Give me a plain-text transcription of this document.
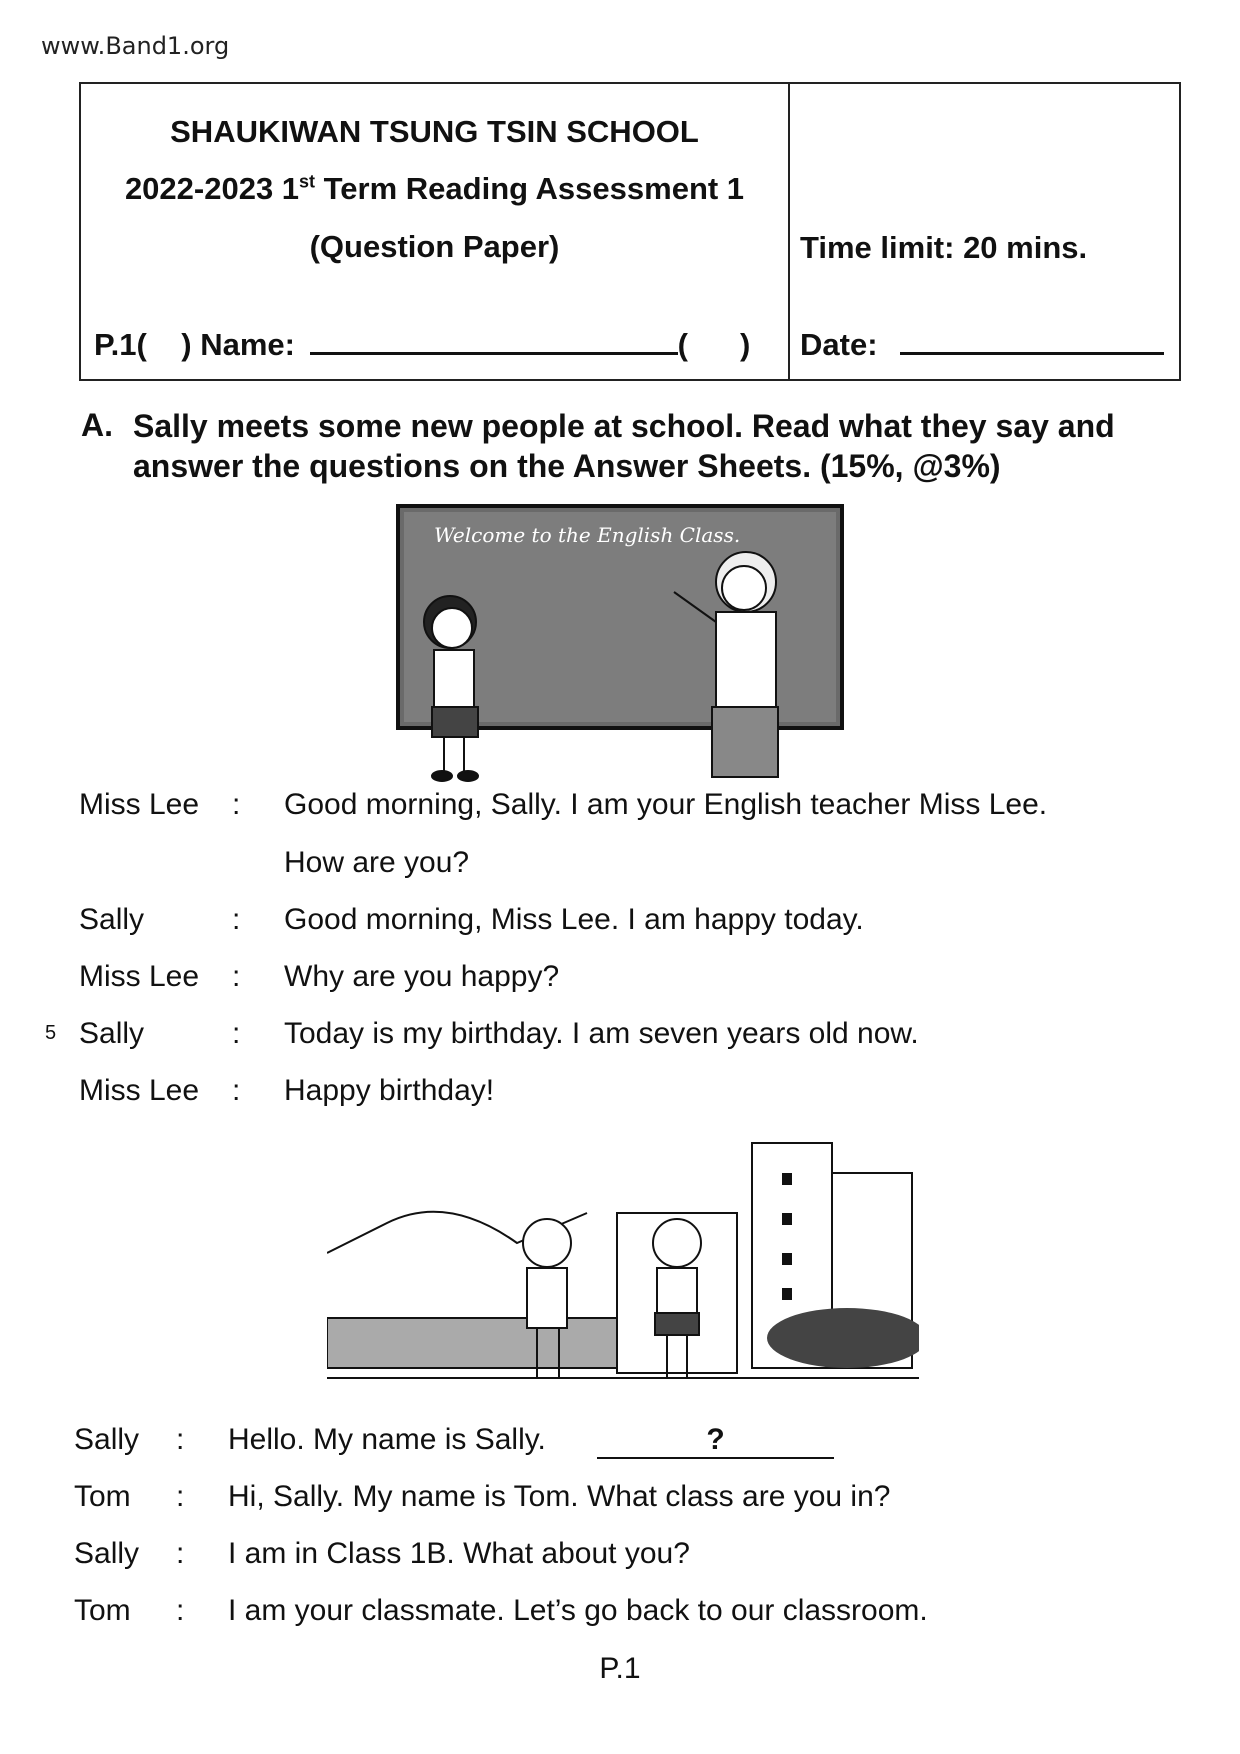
www.Band1.org
SHAUKIWAN TSUNG TSIN SCHOOL
2022-2023 1st Term Reading Assessment 1
(Question Paper)	Time limit: 20 mins.
P.1(    ) Name:	( ) Date:
A. Sally meets some new people at school. Read what they say and answer the questions on the Answer Sheets. (15%, @3%)
Welcome to the English Class.
5
Miss Lee : Good morning, Sally. I am your English teacher Miss Lee.
How are you?
Sally	: Good morning, Miss Lee. I am happy today.
Miss Lee : Why are you happy?
Sally	: Today is my birthday. I am seven years old now.
Miss Lee : Happy birthday!
Sally : Hello. My name is Sally.	?
Tom : Hi, Sally. My name is Tom. What class are you in?
Sally : I am in Class 1B. What about you?
Tom : I am your classmate. Let’s go back to our classroom.
P.1
